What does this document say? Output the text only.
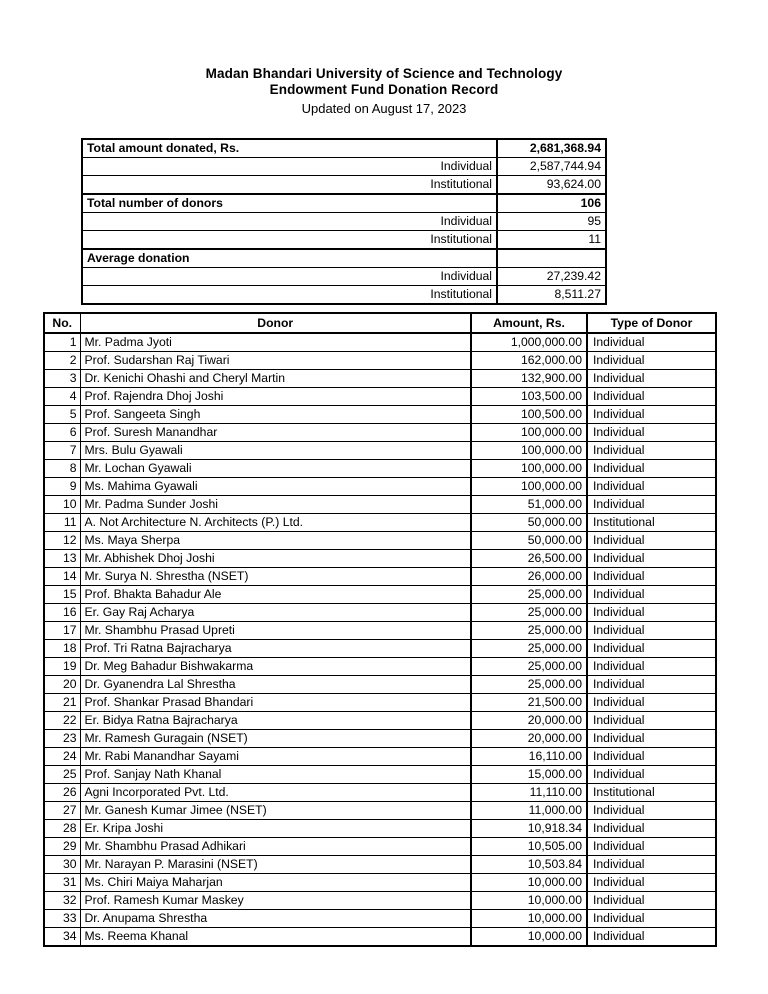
Madan Bhandari University of Science and Technology
Endowment Fund Donation Record
Updated on August 17, 2023
Total amount donated, Rs.	2,681,368.94
Individual	2,587,744.94
Institutional	93,624.00
Total number of donors	106
Individual	95
Institutional	11
Average donation	
Individual	27,239.42
Institutional	8,511.27
No.	Donor	Amount, Rs.	Type of Donor
1	Mr. Padma Jyoti	1,000,000.00	Individual
2	Prof. Sudarshan Raj Tiwari	162,000.00	Individual
3	Dr. Kenichi Ohashi and Cheryl Martin	132,900.00	Individual
4	Prof. Rajendra Dhoj Joshi	103,500.00	Individual
5	Prof. Sangeeta Singh	100,500.00	Individual
6	Prof. Suresh Manandhar	100,000.00	Individual
7	Mrs. Bulu Gyawali	100,000.00	Individual
8	Mr. Lochan Gyawali	100,000.00	Individual
9	Ms. Mahima Gyawali	100,000.00	Individual
10	Mr. Padma Sunder Joshi	51,000.00	Individual
11	A. Not Architecture N. Architects (P.) Ltd.	50,000.00	Institutional
12	Ms. Maya Sherpa	50,000.00	Individual
13	Mr. Abhishek Dhoj Joshi	26,500.00	Individual
14	Mr. Surya N. Shrestha (NSET)	26,000.00	Individual
15	Prof. Bhakta Bahadur Ale	25,000.00	Individual
16	Er. Gay Raj Acharya	25,000.00	Individual
17	Mr. Shambhu Prasad Upreti	25,000.00	Individual
18	Prof. Tri Ratna Bajracharya	25,000.00	Individual
19	Dr. Meg Bahadur Bishwakarma	25,000.00	Individual
20	Dr. Gyanendra Lal Shrestha	25,000.00	Individual
21	Prof. Shankar Prasad Bhandari	21,500.00	Individual
22	Er. Bidya Ratna Bajracharya	20,000.00	Individual
23	Mr. Ramesh Guragain (NSET)	20,000.00	Individual
24	Mr. Rabi Manandhar Sayami	16,110.00	Individual
25	Prof. Sanjay Nath Khanal	15,000.00	Individual
26	Agni Incorporated Pvt. Ltd.	11,110.00	Institutional
27	Mr. Ganesh Kumar Jimee (NSET)	11,000.00	Individual
28	Er. Kripa Joshi	10,918.34	Individual
29	Mr. Shambhu Prasad Adhikari	10,505.00	Individual
30	Mr. Narayan P. Marasini (NSET)	10,503.84	Individual
31	Ms. Chiri Maiya Maharjan	10,000.00	Individual
32	Prof. Ramesh Kumar Maskey	10,000.00	Individual
33	Dr. Anupama Shrestha	10,000.00	Individual
34	Ms. Reema Khanal	10,000.00	Individual
